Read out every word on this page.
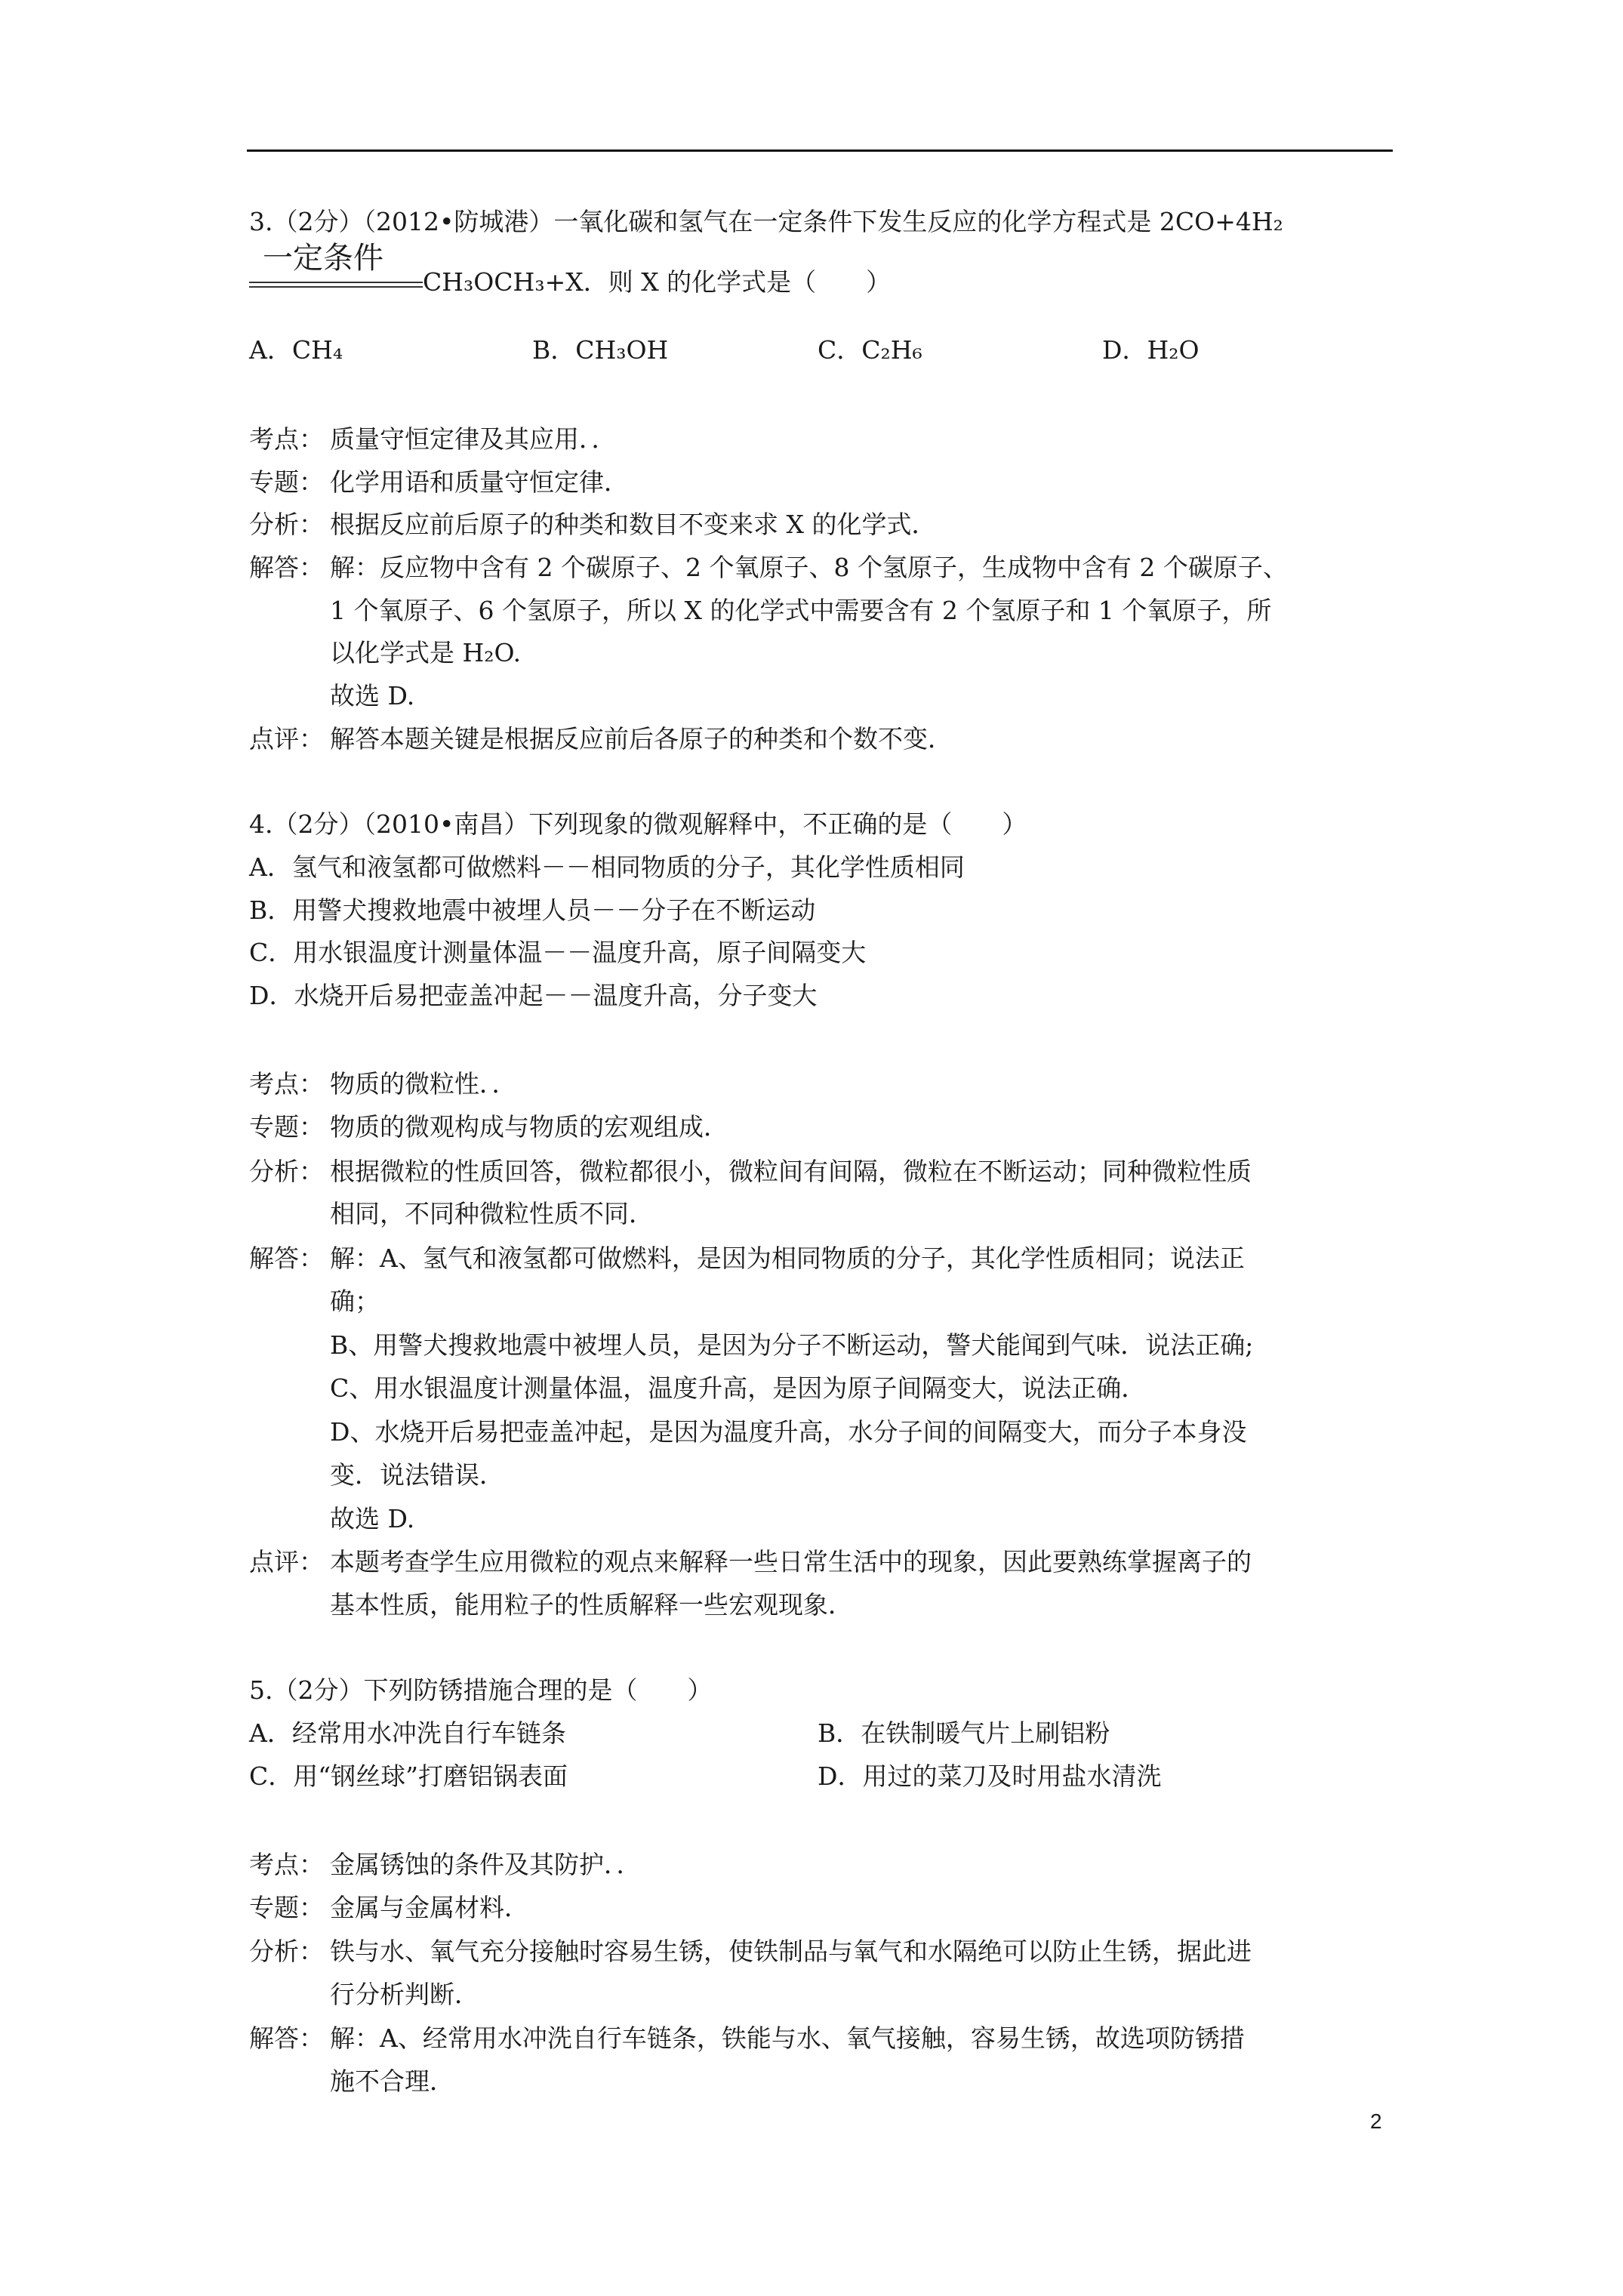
3.（2分）（2012•防城港）一氧化碳和氢气在一定条件下发生反应的化学方程式是 2CO+4H₂
一定条件
CH₃OCH₃+X．则 X 的化学式是（　　）
A．CH₄	B．CH₃OH	C．C₂H₆	D．H₂O
考点： 质量守恒定律及其应用．．
专题： 化学用语和质量守恒定律．
分析： 根据反应前后原子的种类和数目不变来求 X 的化学式．
解答： 解：反应物中含有 2 个碳原子、2 个氧原子、8 个氢原子，生成物中含有 2 个碳原子、
1 个氧原子、6 个氢原子，所以 X 的化学式中需要含有 2 个氢原子和 1 个氧原子，所
以化学式是 H₂O.
故选 D.
点评： 解答本题关键是根据反应前后各原子的种类和个数不变．
4.（2分）（2010•南昌）下列现象的微观解释中，不正确的是（　　）
A．氢气和液氢都可做燃料－－相同物质的分子，其化学性质相同
B．用警犬搜救地震中被埋人员－－分子在不断运动
C．用水银温度计测量体温－－温度升高，原子间隔变大
D．水烧开后易把壶盖冲起－－温度升高，分子变大
考点： 物质的微粒性．．
专题： 物质的微观构成与物质的宏观组成．
分析： 根据微粒的性质回答，微粒都很小，微粒间有间隔，微粒在不断运动；同种微粒性质
相同，不同种微粒性质不同．
解答： 解：A、氢气和液氢都可做燃料，是因为相同物质的分子，其化学性质相同；说法正
确；
B、用警犬搜救地震中被埋人员，是因为分子不断运动，警犬能闻到气味．说法正确;
C、用水银温度计测量体温，温度升高，是因为原子间隔变大，说法正确．
D、水烧开后易把壶盖冲起，是因为温度升高，水分子间的间隔变大，而分子本身没
变．说法错误．
故选 D.
点评： 本题考查学生应用微粒的观点来解释一些日常生活中的现象，因此要熟练掌握离子的
基本性质，能用粒子的性质解释一些宏观现象．
5.（2分）下列防锈措施合理的是（　　）
A．经常用水冲洗自行车链条	B．在铁制暖气片上刷铝粉
C．用“钢丝球”打磨铝锅表面	D．用过的菜刀及时用盐水清洗
考点： 金属锈蚀的条件及其防护．．
专题： 金属与金属材料．
分析： 铁与水、氧气充分接触时容易生锈，使铁制品与氧气和水隔绝可以防止生锈，据此进
行分析判断．
解答： 解：A、经常用水冲洗自行车链条，铁能与水、氧气接触，容易生锈，故选项防锈措
施不合理．
2
